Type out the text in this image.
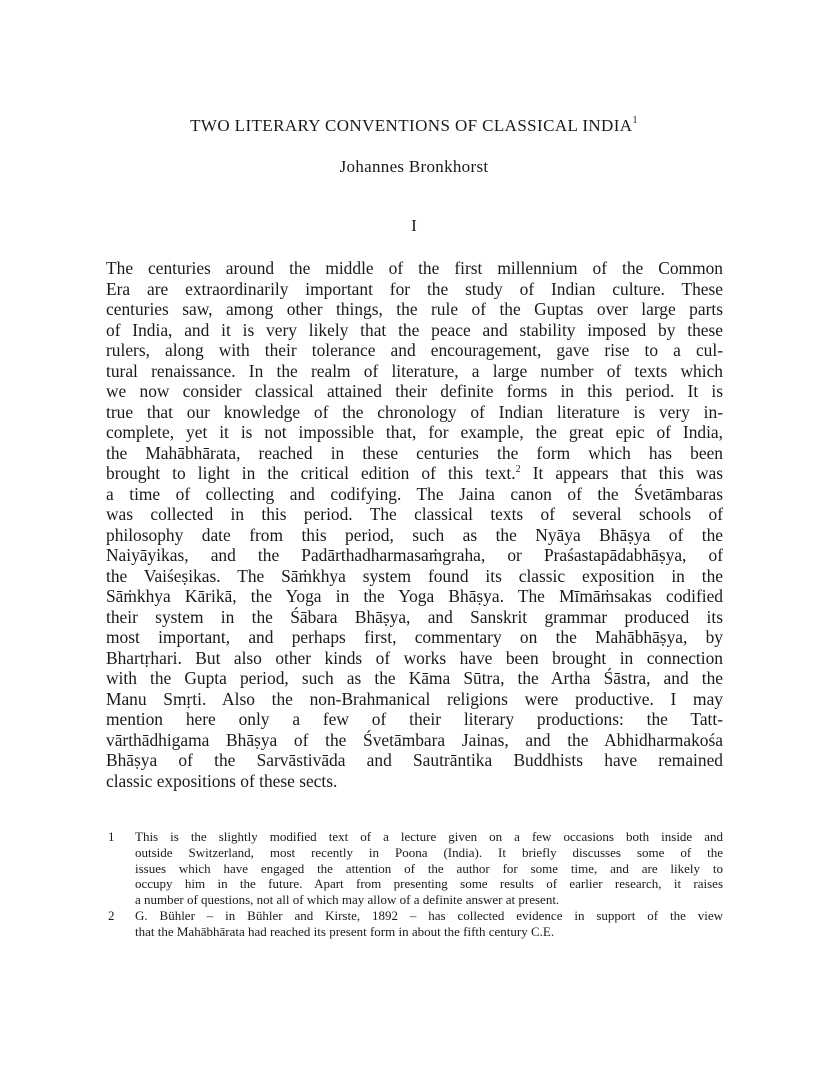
TWO LITERARY CONVENTIONS OF CLASSICAL INDIA$^1$
Johannes Bronkhorst
I
The centuries around the middle of the first millennium of the Common
Era are extraordinarily important for the study of Indian culture. These
centuries saw, among other things, the rule of the Guptas over large parts
of India, and it is very likely that the peace and stability imposed by these
rulers, along with their tolerance and encouragement, gave rise to a cul-
tural renaissance. In the realm of literature, a large number of texts which
we now consider classical attained their definite forms in this period. It is
true that our knowledge of the chronology of Indian literature is very in-
complete, yet it is not impossible that, for example, the great epic of India,
the Mahābhārata, reached in these centuries the form which has been
brought to light in the critical edition of this text.$^2$ It appears that this was
a time of collecting and codifying. The Jaina canon of the Śvetāmbaras
was collected in this period. The classical texts of several schools of
philosophy date from this period, such as the Nyāya Bhāṣya of the
Naiyāyikas, and the Padārthadharmasaṁgraha, or Praśastapādabhāṣya, of
the Vaiśeṣikas. The Sāṁkhya system found its classic exposition in the
Sāṁkhya Kārikā, the Yoga in the Yoga Bhāṣya. The Mīmāṁsakas codified
their system in the Śābara Bhāṣya, and Sanskrit grammar produced its
most important, and perhaps first, commentary on the Mahābhāṣya, by
Bhartṛhari. But also other kinds of works have been brought in connection
with the Gupta period, such as the Kāma Sūtra, the Artha Śāstra, and the
Manu Smṛti. Also the non-Brahmanical religions were productive. I may
mention here only a few of their literary productions: the Tatt-
vārthādhigama Bhāṣya of the Śvetāmbara Jainas, and the Abhidharmakośa
Bhāṣya of the Sarvāstivāda and Sautrāntika Buddhists have remained
classic expositions of these sects.
1 This is the slightly modified text of a lecture given on a few occasions both inside and
outside Switzerland, most recently in Poona (India). It briefly discusses some of the
issues which have engaged the attention of the author for some time, and are likely to
occupy him in the future. Apart from presenting some results of earlier research, it raises
a number of questions, not all of which may allow of a definite answer at present.
2 G. Bühler – in Bühler and Kirste, 1892 – has collected evidence in support of the view
that the Mahābhārata had reached its present form in about the fifth century C.E.
